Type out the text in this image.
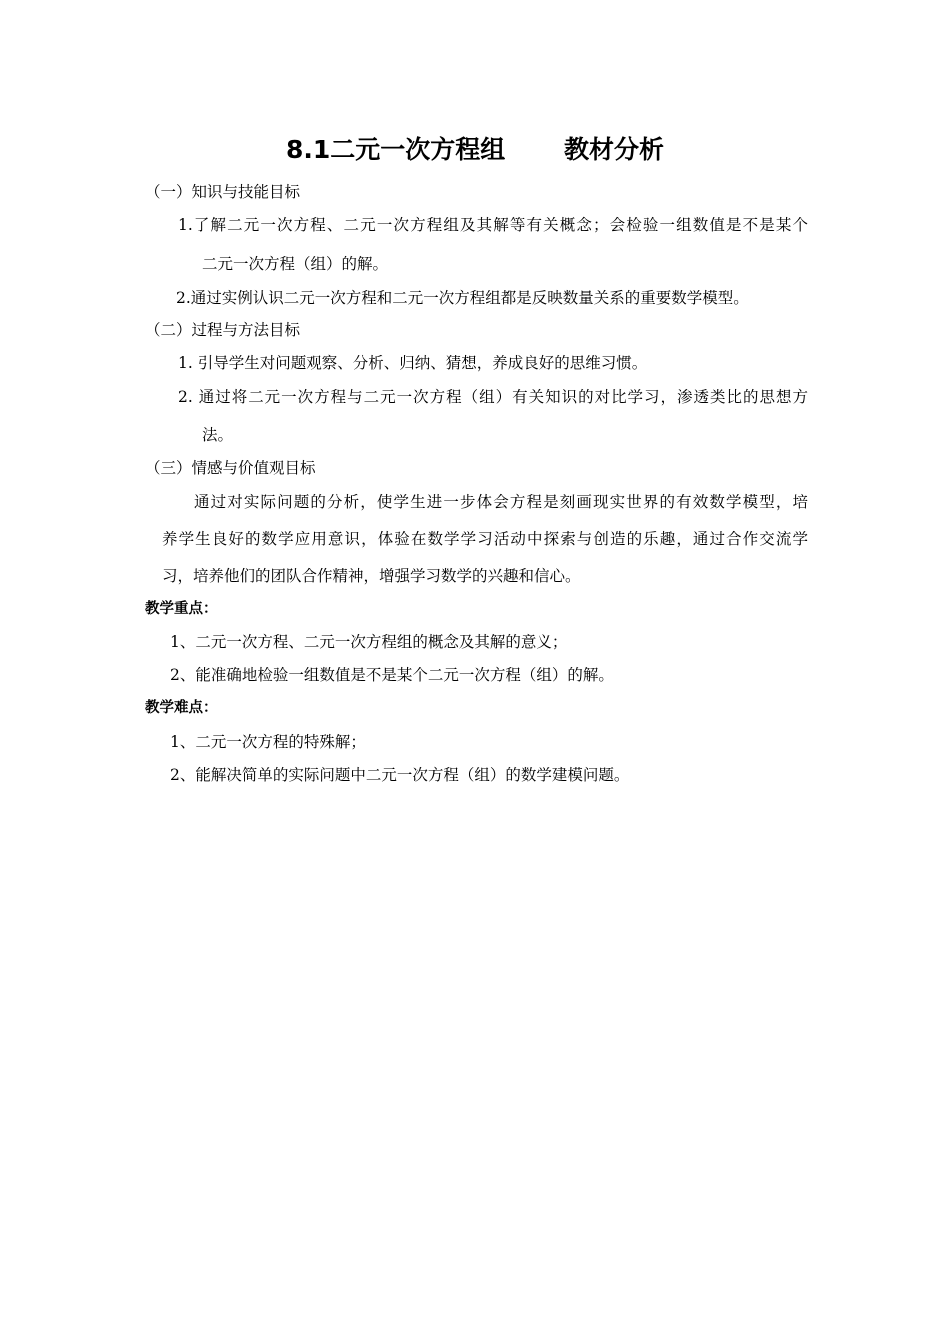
8.1二元一次方程组　　 教材分析
（一）知识与技能目标
1.了解二元一次方程、二元一次方程组及其解等有关概念；会检验一组数值是不是某个
二元一次方程（组）的解。
2.通过实例认识二元一次方程和二元一次方程组都是反映数量关系的重要数学模型。
（二）过程与方法目标
1. 引导学生对问题观察、分析、归纳、猜想，养成良好的思维习惯。
2. 通过将二元一次方程与二元一次方程（组）有关知识的对比学习，渗透类比的思想方
法。
（三）情感与价值观目标
通过对实际问题的分析，使学生进一步体会方程是刻画现实世界的有效数学模型，培
养学生良好的数学应用意识，体验在数学学习活动中探索与创造的乐趣，通过合作交流学
习，培养他们的团队合作精神，增强学习数学的兴趣和信心。
教学重点：
1、二元一次方程、二元一次方程组的概念及其解的意义；
2、能准确地检验一组数值是不是某个二元一次方程（组）的解。
教学难点：
1、二元一次方程的特殊解；
2、能解决简单的实际问题中二元一次方程（组）的数学建模问题。
